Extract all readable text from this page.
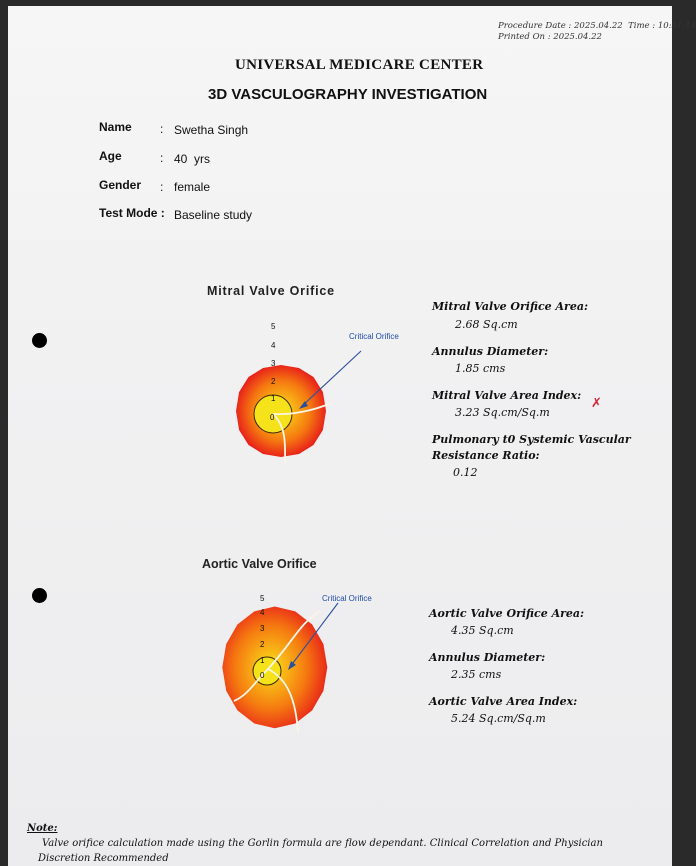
Procedure Date : 2025.04.22 Time : 10:31:14
Printed On : 2025.04.22
UNIVERSAL MEDICARE CENTER
3D VASCULOGRAPHY INVESTIGATION
Name : Swetha Singh
Age	: 40 yrs
Gender : female
Test Mode : Baseline study
Mitral Valve Orifice
5
4
3
2
1
0
Critical Orifice
Mitral Valve Orifice Area:
2.68 Sq.cm
Annulus Diameter:
1.85 cms
Mitral Valve Area Index:
3.23 Sq.cm/Sq.m
✗
Pulmonary t0 Systemic Vascular
Resistance Ratio:
0.12
Aortic Valve Orifice
5
4
3
2
1
0
Critical Orifice
Aortic Valve Orifice Area:
4.35 Sq.cm
Annulus Diameter:
2.35 cms
Aortic Valve Area Index:
5.24 Sq.cm/Sq.m
Note:
Valve orifice calculation made using the Gorlin formula are flow dependant. Clinical Correlation and Physician
Discretion Recommended
